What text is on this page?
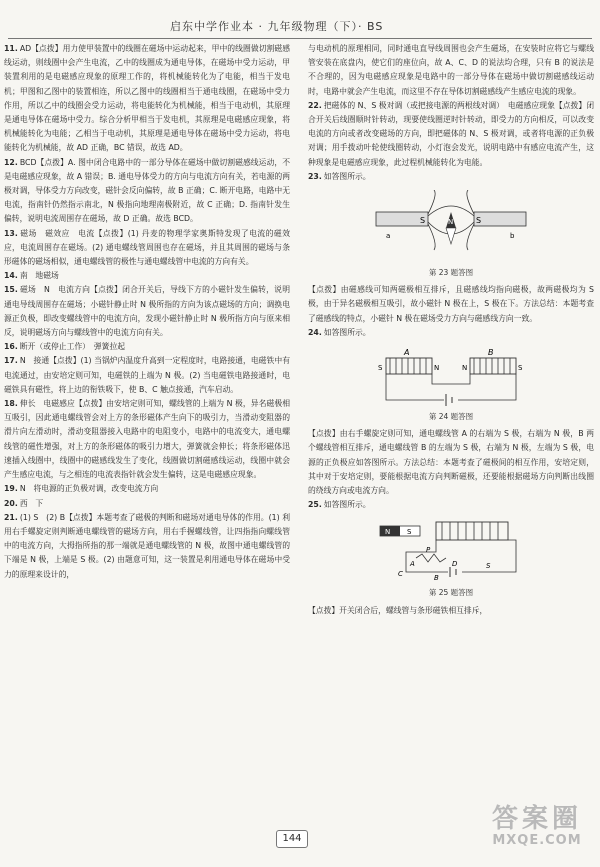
启东中学作业本 · 九年级物理（下）· BS

11. AD【点拨】用力使甲装置中的线圈在磁场中运动起来，甲中的线圈做切割磁感线运动，则线圈中会产生电流，乙中的线圈成为通电导体，在磁场中受力运动，甲装置利用的是电磁感应现象的原理工作的，将机械能转化为了电能，相当于发电机；甲图和乙图中的装置相连，所以乙图中的线圈相当于通电线圈，在磁场中受力作用，所以乙中的线圈会受力运动，将电能转化为机械能，相当于电动机，其原理是通电导体在磁场中受力。综合分析甲相当于发电机，其原理是电磁感应现象，将机械能转化为电能；乙相当于电动机，其原理是通电导体在磁场中受力运动，将电能转化为机械能，故 AD 正确，BC 错误，故选 AD。

12. BCD【点拨】A. 图中闭合电路中的一部分导体在磁场中做切割磁感线运动，不是电磁感应现象，故 A 错误；B. 通电导体受力的方向与电流方向有关，若电源的两极对调，导体受力方向改变，磁针会反向偏转，故 B 正确；C. 断开电路，电路中无电流，指南针仍然指示南北，N 极指向地理南极附近，故 C 正确；D. 指南针发生偏转，说明电流周围存在磁场，故 D 正确。故选 BCD。

13. 磁场　磁效应　电流【点拨】(1) 丹麦的物理学家奥斯特发现了电流的磁效应，电流周围存在磁场。(2) 通电螺线管周围也存在磁场，并且其周围的磁场与条形磁体的磁场相似，通电螺线管的极性与通电螺线管中电流的方向有关。

14. 南　地磁场

15. 磁场　N　电流方向【点拨】闭合开关后，导线下方的小磁针发生偏转，说明通电导线周围存在磁场；小磁针静止时 N 极所指的方向为该点磁场的方向；调换电源正负极，即改变螺线管中的电流方向，发现小磁针静止时 N 极所指方向与原来相反，说明磁场方向与螺线管中的电流方向有关。

16. 断开（或停止工作）　弹簧拉起

17. N　接通【点拨】(1) 当锅炉内温度升高到一定程度时，电路接通，电磁铁中有电流通过，由安培定则可知，电磁铁的上端为 N 极。(2) 当电磁铁电路接通时，电磁铁具有磁性，将上边的衔铁吸下，使 B、C 触点接通，汽车启动。

18. 伸长　电磁感应【点拨】由安培定则可知，螺线管的上端为 N 极，异名磁极相互吸引，因此通电螺线管会对上方的条形磁体产生向下的吸引力，当滑动变阻器的滑片向左滑动时，滑动变阻器接入电路中的电阻变小，电路中的电流变大，通电螺线管的磁性增强，对上方的条形磁体的吸引力增大，弹簧就会伸长；将条形磁体迅速插入线圈中，线圈中的磁感线发生了变化，线圈做切割磁感线运动，线圈中就会产生感应电流，与之相连的电流表指针就会发生偏转，这是电磁感应现象。

19. N　将电源的正负极对调，改变电流方向

20. 西　下

21. (1) S　(2) B【点拨】本题考查了磁极的判断和磁场对通电导体的作用。(1) 利用右手螺旋定则判断通电螺线管的磁场方向，用右手握螺线管，让四指指向螺线管中的电流方向，大拇指所指的那一端就是通电螺线管的 N 极，故图中通电螺线管的下端是 N 极，上端是 S 极。(2) 由题意可知，这一装置是利用通电导体在磁场中受力的原理来设计的，

与电动机的原理相同，同时通电直导线周围也会产生磁场，在安装时应将它与螺线管安装在底盘内，使它们的座位向，故 A、C、D 的说法均合理，只有 B 的说法是不合理的，因为电磁感应现象是电路中的一部分导体在磁场中做切割磁感线运动时，电路中就会产生电流，而这里不存在导体切割磁感线产生感应电流的现象。

22. 把磁体的 N、S 极对调（或把接电源的两根线对调）　电磁感应现象【点拨】闭合开关后线圈顺时针转动，现要使线圈逆时针转动，即受力的方向相反，可以改变电流的方向或者改变磁场的方向，即把磁体的 N、S 极对调，或者将电源的正负极对调；用手拨动叶轮使线圈转动，小灯泡会发光，说明电路中有感应电流产生，这种现象是电磁感应现象，此过程机械能转化为电能。

23. 如答图所示。

S	S
N
a	b
第 23 题答图

【点拨】由磁感线可知两磁极相互排斥，且磁感线均指向磁极，故两磁极均为 S 极，由于异名磁极相互吸引，故小磁针 N 极在上，S 极在下。方法总结：本题考查了磁感线的特点，小磁针 N 极在磁场受力方向与磁感线方向一致。

24. 如答图所示。

A	B
S	N	N	S
第 24 题答图

【点拨】由右手螺旋定则可知，通电螺线管 A 的右端为 S 极，右端为 N 极，B 两个螺线管相互排斥，通电螺线管 B 的左端为 S 极，右端为 N 极，左端为 S 极，电源的正负极应如答图所示。方法总结：本题考查了磁极间的相互作用，安培定则，其中对于安培定则，要能根据电流方向判断磁极，还要能根据磁场方向判断出线圈的绕线方向或电流方向。

25. 如答图所示。

N S
C
P
A	D
B
S
第 25 题答图

【点拨】开关闭合后，螺线管与条形磁铁相互排斥，

144
答案圈
MXQE.COM
